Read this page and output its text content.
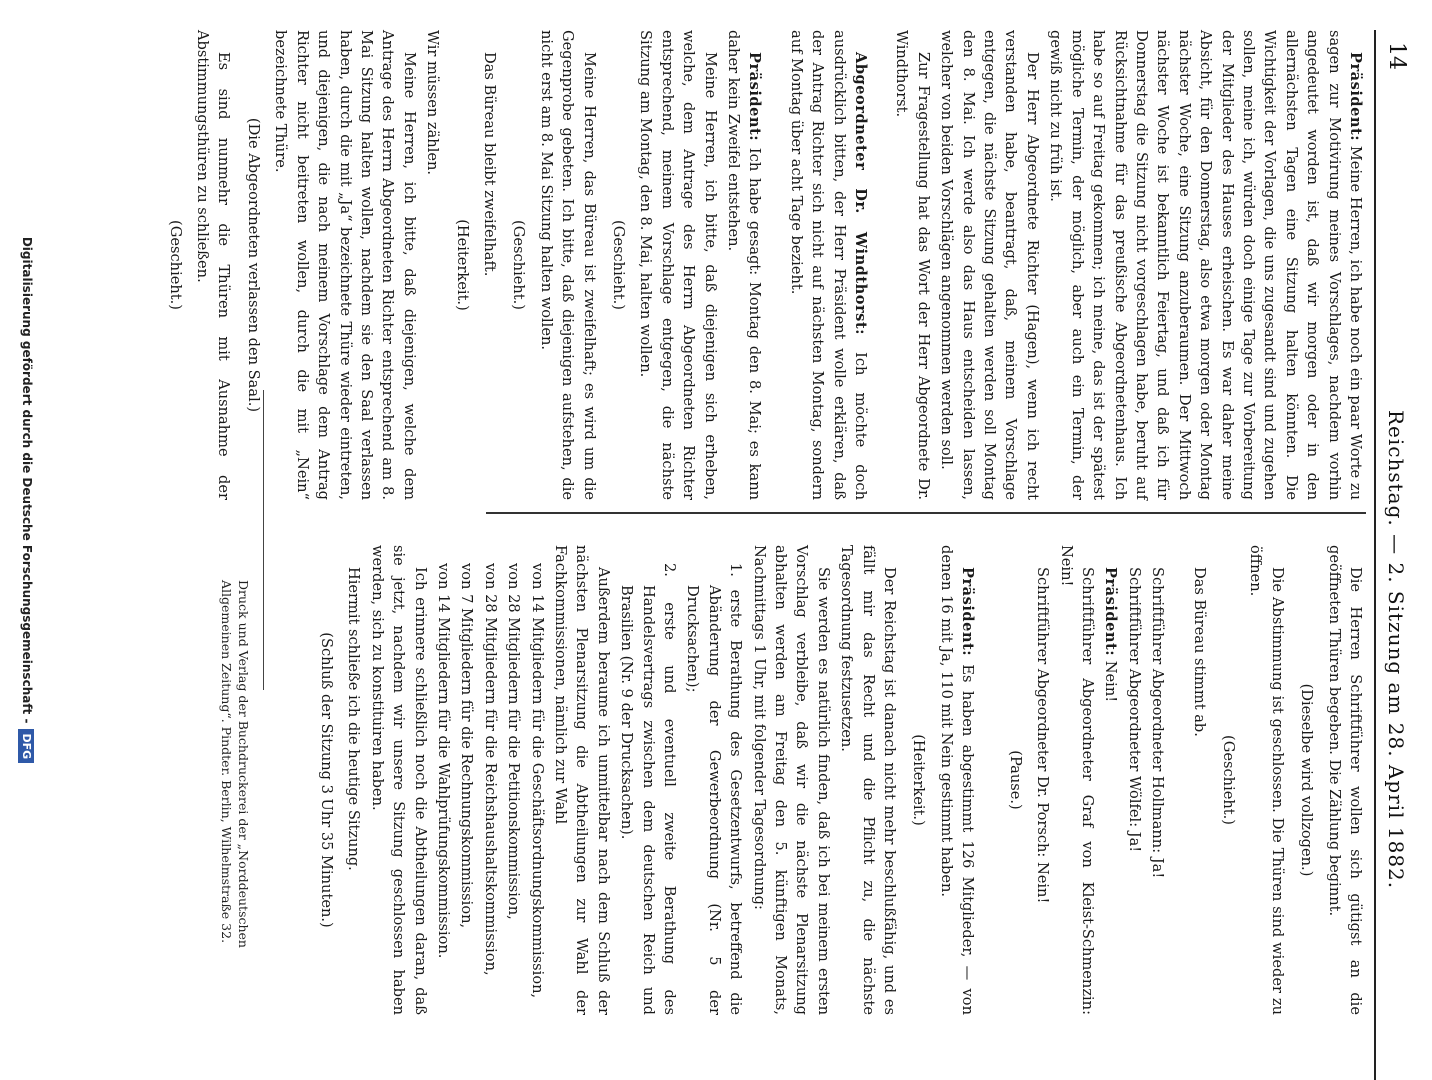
14
Reichstag. — 2. Sitzung am 28. April 1882.

Präsident: Meine Herren, ich habe noch ein paar Worte zu sagen zur Motivirung meines Vorschlages, nachdem vorhin angedeutet worden ist, daß wir morgen oder in den allernächsten Tagen eine Sitzung halten könnten. Die Wichtigkeit der Vorlagen, die uns zugesandt sind und zugehen sollen, meine ich, würden doch einige Tage zur Vorbereitung der Mitglieder des Hauses erheischen. Es war daher meine Absicht, für den Donnerstag, also etwa morgen oder Montag nächster Woche, eine Sitzung anzuberaumen. Der Mittwoch nächster Woche ist bekanntlich Feiertag, und daß ich für Donnerstag die Sitzung nicht vorgeschlagen habe, beruht auf Rücksichtnahme für das preußische Abgeordnetenhaus. Ich habe so auf Freitag gekommen; ich meine, das ist der spätest mögliche Termin, der möglich, aber auch ein Termin, der gewiß nicht zu früh ist.

Der Herr Abgeordnete Richter (Hagen), wenn ich recht verstanden habe, beantragt, daß, meinem Vorschlage entgegen, die nächste Sitzung gehalten werden soll Montag den 8. Mai. Ich werde also das Haus entscheiden lassen, welcher von beiden Vorschlägen angenommen werden soll.

Zur Fragestellung hat das Wort der Herr Abgeordnete Dr. Windthorst.

Abgeordneter Dr. Windthorst: Ich möchte doch ausdrücklich bitten, der Herr Präsident wolle erklären, daß der Antrag Richter sich nicht auf nächsten Montag, sondern auf Montag über acht Tage bezieht.

Präsident: Ich habe gesagt: Montag den 8. Mai; es kann daher kein Zweifel entstehen.

Meine Herren, ich bitte, daß diejenigen sich erheben, welche, dem Antrage des Herrn Abgeordneten Richter entsprechend, meinem Vorschlage entgegen, die nächste Sitzung am Montag, den 8. Mai, halten wollen.

(Geschieht.)

Meine Herren, das Büreau ist zweifelhaft; es wird um die Gegenprobe gebeten. Ich bitte, daß diejenigen aufstehen, die nicht erst am 8. Mai Sitzung halten wollen.

(Geschieht.)

Das Büreau bleibt zweifelhaft.

(Heiterkeit.)

Wir müssen zählen.

Meine Herren, ich bitte, daß diejenigen, welche dem Antrage des Herrn Abgeordneten Richter entsprechend am 8. Mai Sitzung halten wollen, nachdem sie den Saal verlassen haben, durch die mit „Ja“ bezeichnete Thüre wieder eintreten, und diejenigen, die nach meinem Vorschlage dem Antrag Richter nicht beitreten wollen, durch die mit „Nein“ bezeichnete Thüre.

(Die Abgeordneten verlassen den Saal.)

Es sind nunmehr die Thüren mit Ausnahme der Abstimmungsthüren zu schließen.

(Geschieht.)

Die Herren Schriftführer wollen sich gütigst an die geöffneten Thüren begeben. Die Zählung beginnt.

(Dieselbe wird vollzogen.)

Die Abstimmung ist geschlossen. Die Thüren sind wieder zu öffnen.

(Geschieht.)

Das Büreau stimmt ab.

Schriftführer Abgeordneter Hollmann: Ja!

Schriftführer Abgeordneter Wölfel: Ja!

Präsident: Nein!

Schriftführer Abgeordneter Graf von Kleist-Schmenzin: Nein!

Schriftführer Abgeordneter Dr. Porsch: Nein!

(Pause.)

Präsident: Es haben abgestimmt 126 Mitglieder, — von denen 16 mit Ja, 110 mit Nein gestimmt haben.

(Heiterkeit.)

Der Reichstag ist danach nicht mehr beschlußfähig, und es fällt mir das Recht und die Pflicht zu, die nächste Tagesordnung festzusetzen.

Sie werden es natürlich finden, daß ich bei meinem ersten Vorschlag verbleibe, daß wir die nächste Plenarsitzung abhalten werden am Freitag den 5. künftigen Monats, Nachmittags 1 Uhr, mit folgender Tagesordnung:

1. erste Berathung des Gesetzentwurfs, betreffend die Abänderung der Gewerbeordnung (Nr. 5 der Drucksachen);
2. erste und eventuell zweite Berathung des Handelsvertrags zwischen dem deutschen Reich und Brasilien (Nr. 9 der Drucksachen).

Außerdem beraume ich unmittelbar nach dem Schluß der nächsten Plenarsitzung die Abtheilungen zur Wahl der Fachkommissionen, nämlich zur Wahl

von 14 Mitgliedern für die Geschäftsordnungskommission,
von 28 Mitgliedern für die Petitionskommission,
von 28 Mitgliedern für die Reichshaushaltskommission,
von 7 Mitgliedern für die Rechnungskommission,
von 14 Mitgliedern für die Wahlprüfungskommission.

Ich erinnere schließlich noch die Abtheilungen daran, daß sie jetzt, nachdem wir unsere Sitzung geschlossen haben werden, sich zu konstituiren haben.

Hiermit schließe ich die heutige Sitzung.

(Schluß der Sitzung 3 Uhr 35 Minuten.)
Druck und Verlag der Buchdruckerei der „Norddeutschen Allgemeinen Zeitung“. Pindter. Berlin, Wilhelmstraße 32.
Digitalisierung gefördert durch die Deutsche Forschungsgemeinschaft -DFG
